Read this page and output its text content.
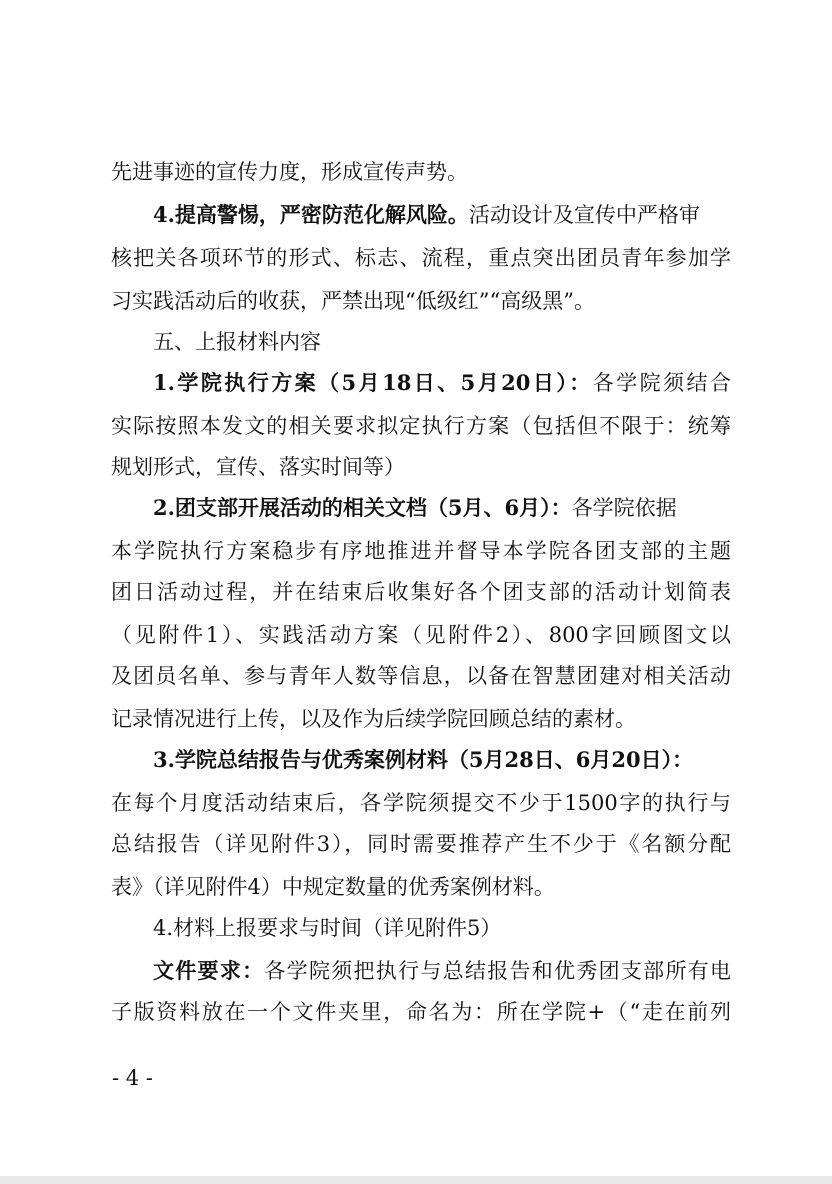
先进事迹的宣传力度，形成宣传声势。
4.提高警惕，严密防范化解风险。活动设计及宣传中严格审
核把关各项环节的形式、标志、流程，重点突出团员青年参加学
习实践活动后的收获，严禁出现“低级红”“高级黑”。
五、上报材料内容
1.学院执行方案（5月18日、5月20日）：各学院须结合
实际按照本发文的相关要求拟定执行方案（包括但不限于：统筹
规划形式，宣传、落实时间等）
2.团支部开展活动的相关文档（5月、6月）：各学院依据
本学院执行方案稳步有序地推进并督导本学院各团支部的主题
团日活动过程，并在结束后收集好各个团支部的活动计划简表
（见附件1）、实践活动方案（见附件2）、800字回顾图文以
及团员名单、参与青年人数等信息，以备在智慧团建对相关活动
记录情况进行上传，以及作为后续学院回顾总结的素材。
3.学院总结报告与优秀案例材料（5月28日、6月20日）：
在每个月度活动结束后，各学院须提交不少于1500字的执行与
总结报告（详见附件3），同时需要推荐产生不少于《名额分配
表》（详见附件4）中规定数量的优秀案例材料。
4.材料上报要求与时间（详见附件5）
文件要求：各学院须把执行与总结报告和优秀团支部所有电
子版资料放在一个文件夹里，命名为：所在学院+（“走在前列
- 4 -
